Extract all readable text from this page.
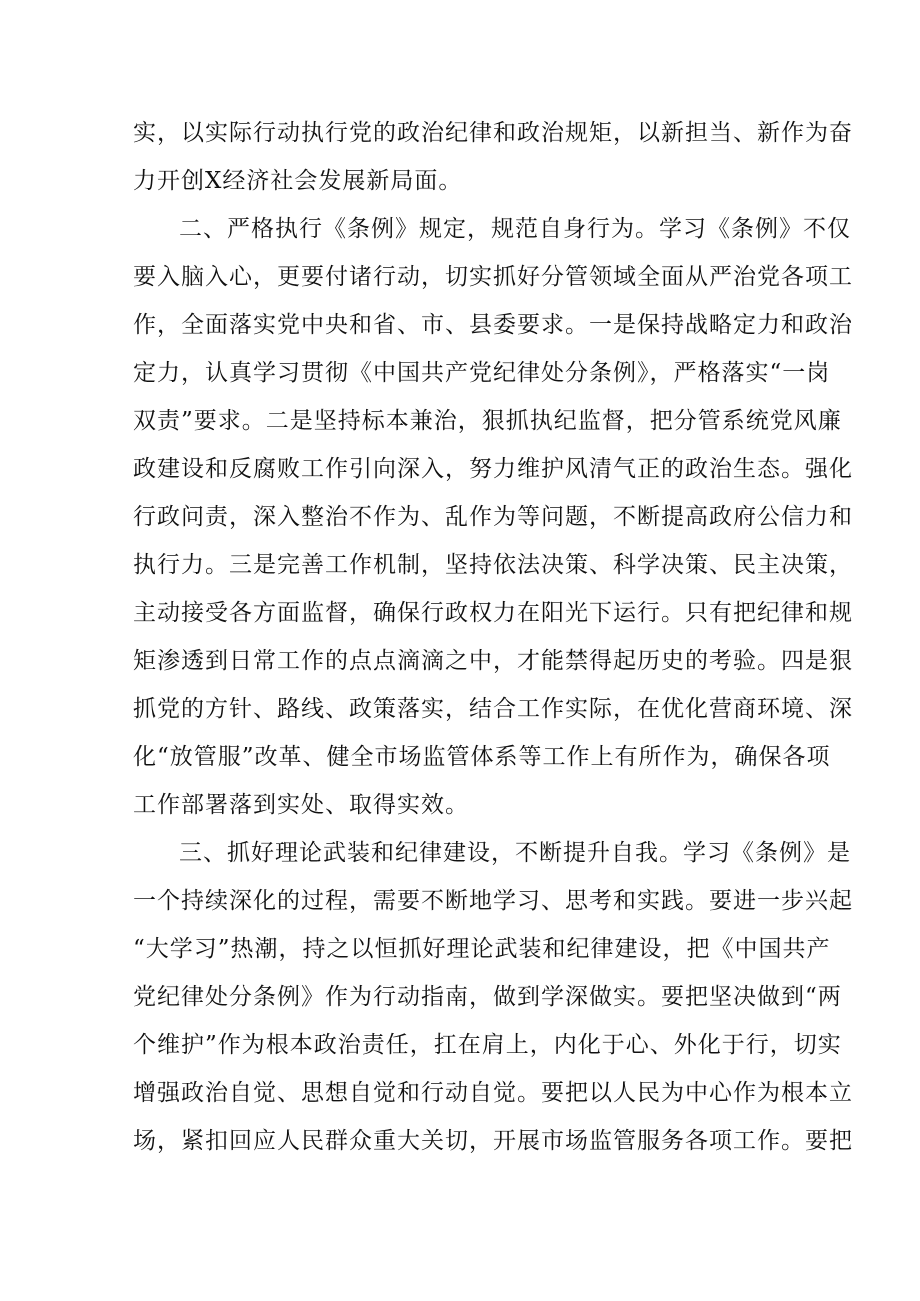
实，以实际行动执行党的政治纪律和政治规矩，以新担当、新作为奋
力开创X经济社会发展新局面。
二、严格执行《条例》规定，规范自身行为。学习《条例》不仅
要入脑入心，更要付诸行动，切实抓好分管领域全面从严治党各项工
作，全面落实党中央和省、市、县委要求。一是保持战略定力和政治
定力，认真学习贯彻《中国共产党纪律处分条例》，严格落实“一岗
双责”要求。二是坚持标本兼治，狠抓执纪监督，把分管系统党风廉
政建设和反腐败工作引向深入，努力维护风清气正的政治生态。强化
行政问责，深入整治不作为、乱作为等问题，不断提高政府公信力和
执行力。三是完善工作机制，坚持依法决策、科学决策、民主决策，
主动接受各方面监督，确保行政权力在阳光下运行。只有把纪律和规
矩渗透到日常工作的点点滴滴之中，才能禁得起历史的考验。四是狠
抓党的方针、路线、政策落实，结合工作实际，在优化营商环境、深
化“放管服”改革、健全市场监管体系等工作上有所作为，确保各项
工作部署落到实处、取得实效。
三、抓好理论武装和纪律建设，不断提升自我。学习《条例》是
一个持续深化的过程，需要不断地学习、思考和实践。要进一步兴起
“大学习”热潮，持之以恒抓好理论武装和纪律建设，把《中国共产
党纪律处分条例》作为行动指南，做到学深做实。要把坚决做到“两
个维护”作为根本政治责任，扛在肩上，内化于心、外化于行，切实
增强政治自觉、思想自觉和行动自觉。要把以人民为中心作为根本立
场，紧扣回应人民群众重大关切，开展市场监管服务各项工作。要把
